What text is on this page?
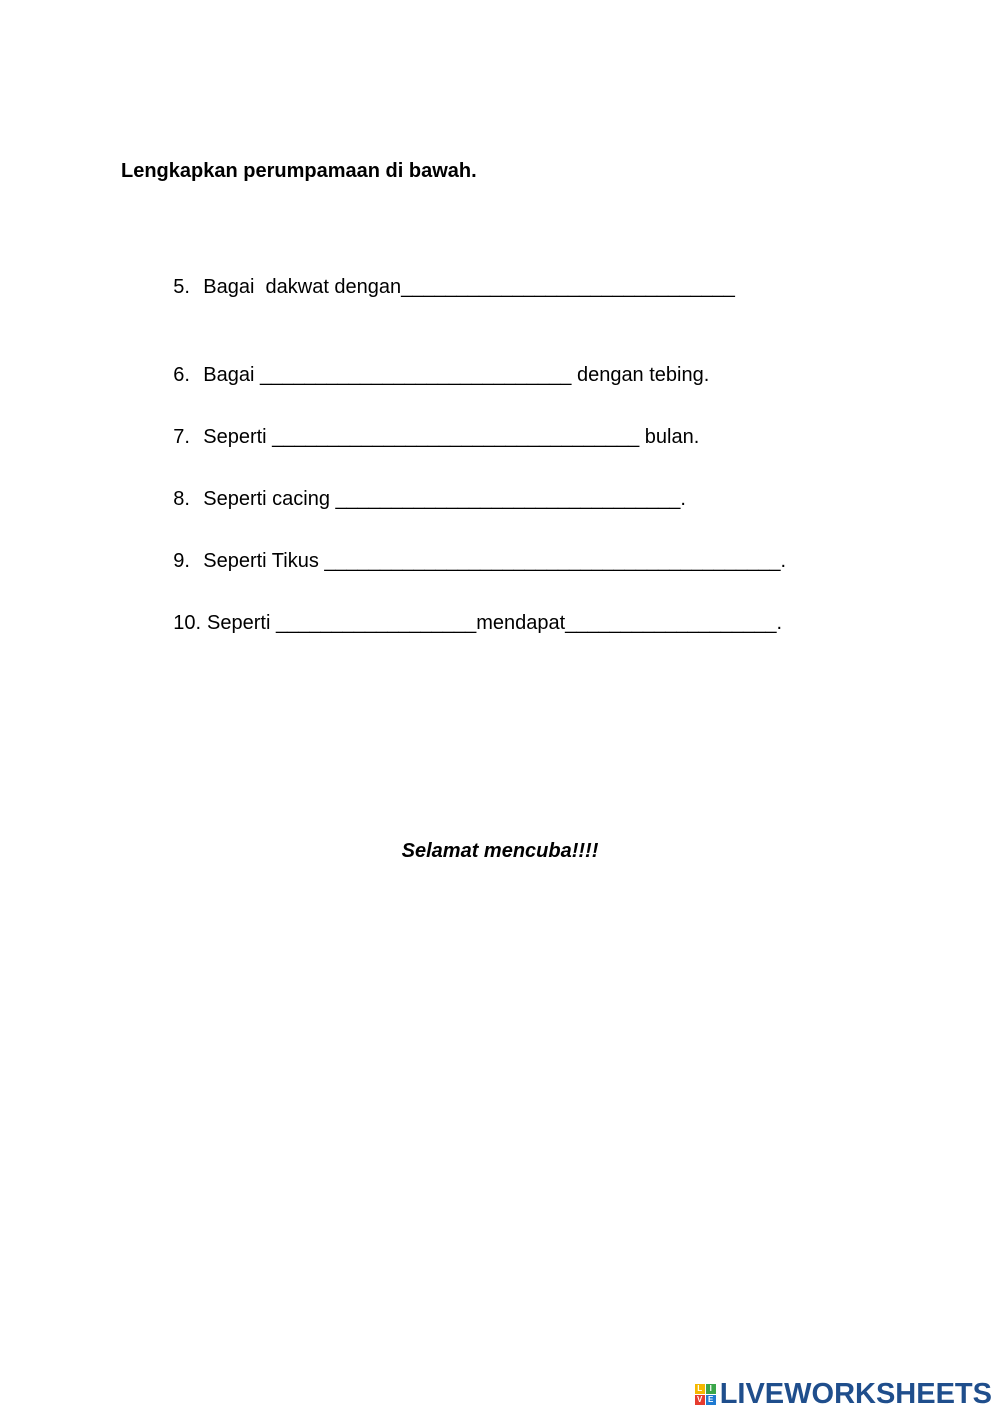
Lengkapkan perumpamaan di bawah.

5. Bagai  dakwat dengan______________________________

6. Bagai ____________________________ dengan tebing.

7. Seperti _________________________________ bulan.

8. Seperti cacing _______________________________.

9. Seperti Tikus _________________________________________.

10. Seperti __________________mendapat___________________.

Selamat mencuba!!!!
L I
V E LIVEWORKSHEETS
